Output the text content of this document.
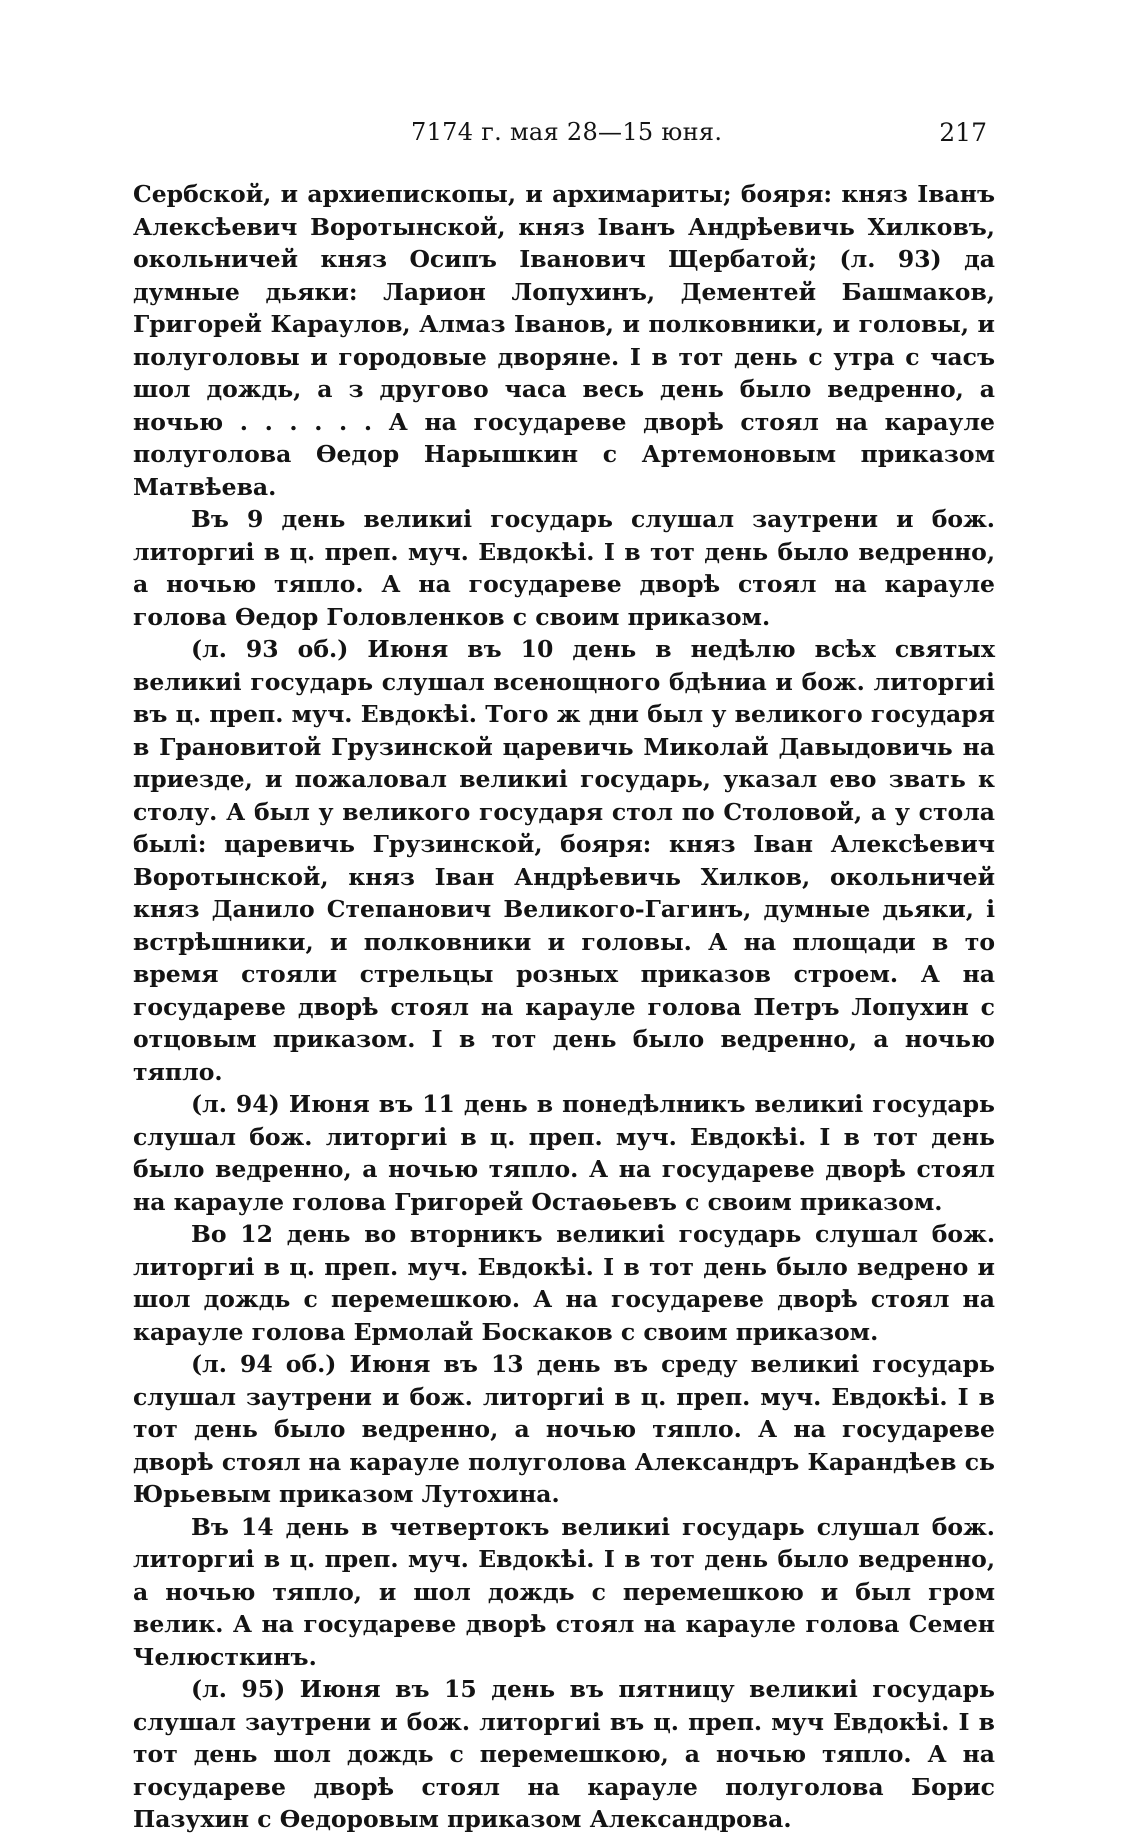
7174 г. мая 28—15 юня.	217

Сербской, и архиепископы, и архимариты; бояря: княз Іванъ Алексѣевич Воротынской, княз Іванъ Андрѣевичь Хилковъ, окольничей княз Осипъ Іванович Щербатой; (л. 93) да думные дьяки: Ларион Лопухинъ, Дементей Башмаков, Григорей Караулов, Алмаз Іванов, и полковники, и головы, и полуголовы и городовые дворяне. І в тот день с утра с часъ шол дождь, а з другово часа весь день было ведренно, а ночью . . . . . . А на государеве дворѣ стоял на карауле полуголова Өедор Нарышкин с Артемоновым приказом Матвѣева.

Въ 9 день великиі государь слушал заутрени и бож. литоргиі в ц. преп. муч. Евдокѣі. І в тот день было ведренно, а ночью тяпло. А на государеве дворѣ стоял на карауле голова Өедор Головленков с своим приказом.

(л. 93 об.) Июня въ 10 день в недѣлю всѣх святых великиі государь слушал всенощного бдѣниа и бож. литоргиі въ ц. преп. муч. Евдокѣі. Того ж дни был у великого государя в Грановитой Грузинской царевичь Миколай Давыдовичь на приезде, и пожаловал великиі государь, указал ево звать к столу. А был у великого государя стол по Столовой, а у стола былі: царевичь Грузинской, бояря: княз Іван Алексѣевич Воротынской, княз Іван Андрѣевичь Хилков, окольничей княз Данило Степанович Великого-Гагинъ, думные дьяки, і встрѣшники, и полковники и головы. А на площади в то время стояли стрельцы розных приказов строем. А на государеве дворѣ стоял на карауле голова Петръ Лопухин с отцовым приказом. І в тот день было ведренно, а ночью тяпло.

(л. 94) Июня въ 11 день в понедѣлникъ великиі государь слушал бож. литоргиі в ц. преп. муч. Евдокѣі. І в тот день было ведренно, а ночью тяпло. А на государеве дворѣ стоял на карауле голова Григорей Остаөьевъ с своим приказом.

Во 12 день во вторникъ великиі государь слушал бож. литоргиі в ц. преп. муч. Евдокѣі. І в тот день было ведрено и шол дождь с перемешкою. А на государеве дворѣ стоял на карауле голова Ермолай Боскаков с своим приказом.

(л. 94 об.) Июня въ 13 день въ среду великиі государь слушал заутрени и бож. литоргиі в ц. преп. муч. Евдокѣі. І в тот день было ведренно, а ночью тяпло. А на государеве дворѣ стоял на карауле полуголова Александръ Карандѣев сь Юрьевым приказом Лутохина.

Въ 14 день в четвертокъ великиі государь слушал бож. литоргиі в ц. преп. муч. Евдокѣі. І в тот день было ведренно, а ночью тяпло, и шол дождь с перемешкою и был гром велик. А на государеве дворѣ стоял на карауле голова Семен Челюсткинъ.

(л. 95) Июня въ 15 день въ пятницу великиі государь слушал заутрени и бож. литоргиі въ ц. преп. муч Евдокѣі. І в тот день шол дождь с перемешкою, а ночью тяпло. А на государеве дворѣ стоял на карауле полуголова Борис Пазухин с Өедоровым приказом Александрова.
